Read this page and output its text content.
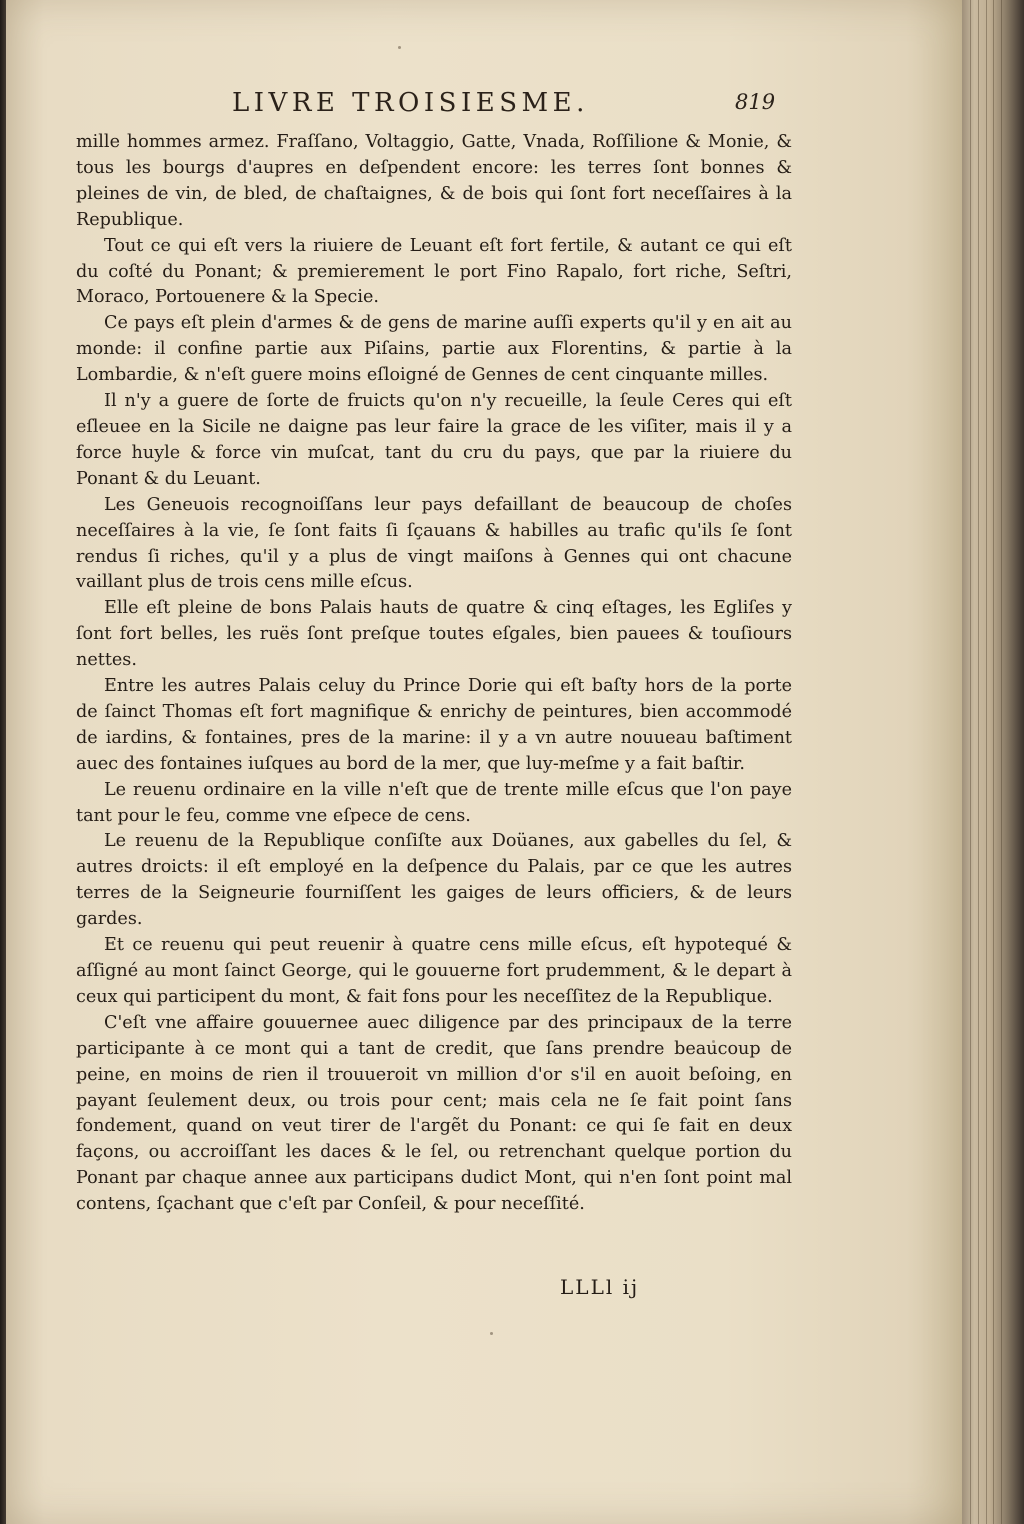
LIVRE TROISIESME.	819

mille hommes armez. Fraſſano, Voltaggio, Gatte, Vnada, Roſſilione & Monie, & tous les bourgs d'aupres en deſpendent encore: les terres ſont bonnes & pleines de vin, de bled, de chaſtaignes, & de bois qui ſont fort neceſſaires à la Republique.

Tout ce qui eſt vers la riuiere de Leuant eſt fort fertile, & autant ce qui eſt du coſté du Ponant; & premierement le port Fino Rapalo, fort riche, Seſtri, Moraco, Portouenere & la Specie.

Ce pays eſt plein d'armes & de gens de marine auſſi experts qu'il y en ait au monde: il confine partie aux Piſains, partie aux Florentins, & partie à la Lombardie, & n'eſt guere moins eſloigné de Gennes de cent cinquante milles.

Il n'y a guere de ſorte de fruicts qu'on n'y recueille, la ſeule Ceres qui eſt eſleuee en la Sicile ne daigne pas leur faire la grace de les viſiter, mais il y a force huyle & force vin muſcat, tant du cru du pays, que par la riuiere du Ponant & du Leuant.

Les Geneuois recognoiſſans leur pays defaillant de beaucoup de choſes neceſſaires à la vie, ſe ſont faits ſi ſçauans & habilles au trafic qu'ils ſe ſont rendus ſi riches, qu'il y a plus de vingt maiſons à Gennes qui ont chacune vaillant plus de trois cens mille eſcus.

Elle eſt pleine de bons Palais hauts de quatre & cinq eſtages, les Egliſes y ſont fort belles, les ruës ſont preſque toutes eſgales, bien pauees & touſiours nettes.

Entre les autres Palais celuy du Prince Dorie qui eſt baſty hors de la porte de ſainct Thomas eſt fort magnifique & enrichy de peintures, bien accommodé de iardins, & fontaines, pres de la marine: il y a vn autre nouueau baſtiment auec des fontaines iuſques au bord de la mer, que luy-meſme y a fait baſtir.

Le reuenu ordinaire en la ville n'eſt que de trente mille eſcus que l'on paye tant pour le feu, comme vne eſpece de cens.

Le reuenu de la Republique conſiſte aux Doüanes, aux gabelles du ſel, & autres droicts: il eſt employé en la deſpence du Palais, par ce que les autres terres de la Seigneurie fourniſſent les gaiges de leurs officiers, & de leurs gardes.

Et ce reuenu qui peut reuenir à quatre cens mille eſcus, eſt hypotequé & aſſigné au mont ſainct George, qui le gouuerne fort prudemment, & le depart à ceux qui participent du mont, & fait fons pour les neceſſitez de la Republique.

C'eſt vne affaire gouuernee auec diligence par des principaux de la terre participante à ce mont qui a tant de credit, que ſans prendre beaucoup de peine, en moins de rien il trouueroit vn million d'or s'il en auoit beſoing, en payant ſeulement deux, ou trois pour cent; mais cela ne ſe fait point ſans fondement, quand on veut tirer de l'argẽt du Ponant: ce qui ſe fait en deux façons, ou accroiſſant les daces & le ſel, ou retrenchant quelque portion du Ponant par chaque annee aux participans dudict Mont, qui n'en ſont point mal contens, ſçachant que c'eſt par Conſeil, & pour neceſſité.

LLLl ij
